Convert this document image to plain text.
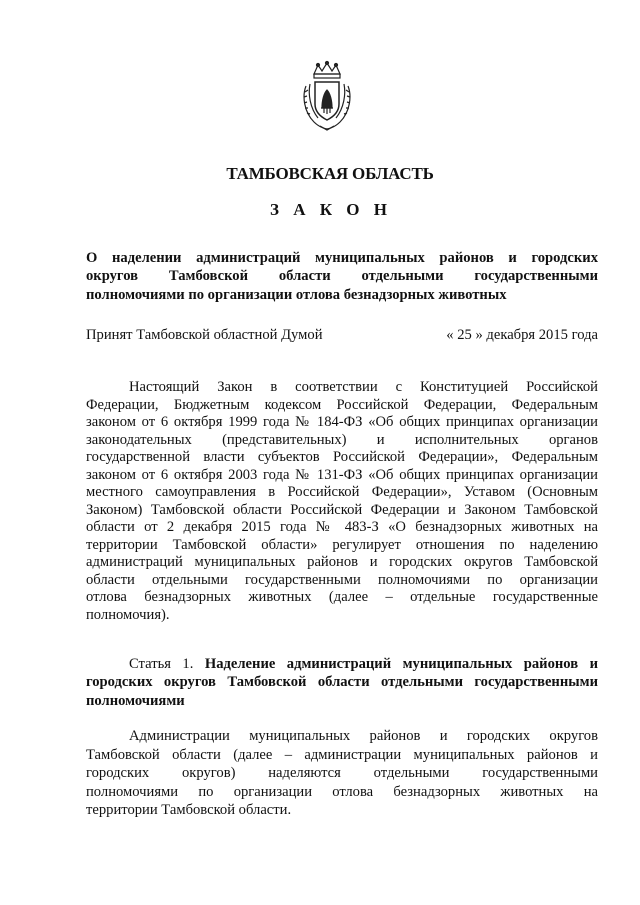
ТАМБОВСКАЯ ОБЛАСТЬ
З А К О Н
О наделении администраций муниципальных районов и городских
округов Тамбовской области отдельными государственными
полномочиями по организации отлова безнадзорных животных
Принят Тамбовской областной Думой	« 25 » декабря 2015 года
Настоящий Закон в соответствии с Конституцией Российской
Федерации, Бюджетным кодексом Российской Федерации, Федеральным
законом от 6 октября 1999 года № 184-ФЗ «Об общих принципах организации
законодательных (представительных) и исполнительных органов
государственной власти субъектов Российской Федерации», Федеральным
законом от 6 октября 2003 года № 131-ФЗ «Об общих принципах организации
местного самоуправления в Российской Федерации», Уставом (Основным
Законом) Тамбовской области Российской Федерации и Законом Тамбовской
области от 2 декабря 2015 года № 483-З «О безнадзорных животных на
территории Тамбовской области» регулирует отношения по наделению
администраций муниципальных районов и городских округов Тамбовской
области отдельными государственными полномочиями по организации
отлова безнадзорных животных (далее – отдельные государственные
полномочия).
Статья 1. Наделение администраций муниципальных районов и
городских округов Тамбовской области отдельными государственными
полномочиями
Администрации муниципальных районов и городских округов
Тамбовской области (далее – администрации муниципальных районов и
городских округов) наделяются отдельными государственными
полномочиями по организации отлова безнадзорных животных на
территории Тамбовской области.
